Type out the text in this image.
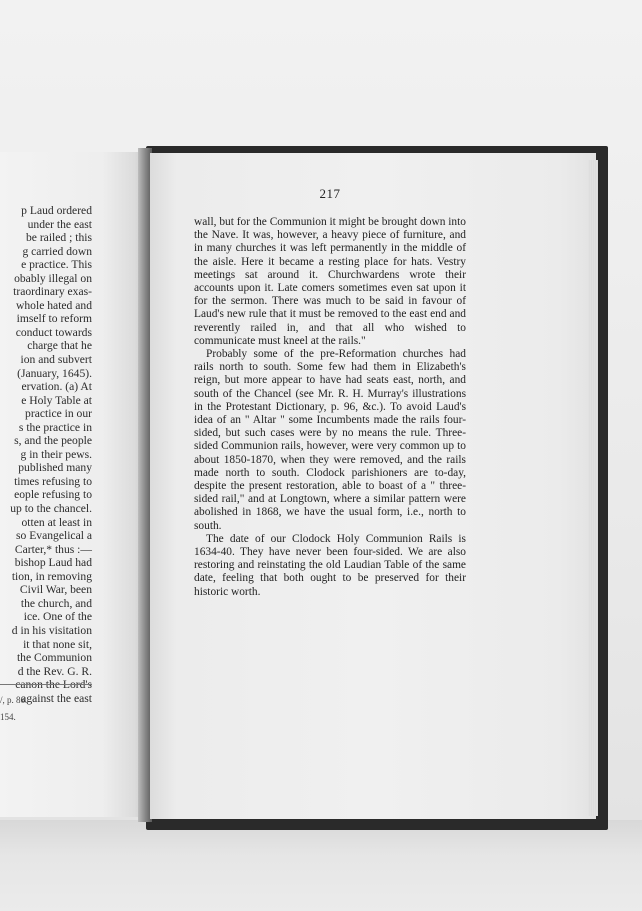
p Laud ordered
under the east
be railed ; this
g carried down
e practice. This
obably illegal on
traordinary exas-
whole hated and
imself to reform
conduct towards
charge that he
ion and subvert
(January, 1645).
ervation. (a) At
e Holy Table at
practice in our
s the practice in
s, and the people
g in their pews.
published many
times refusing to
eople refusing to
up to the chancel.
otten at least in
so Evangelical a
Carter,* thus :—
bishop Laud had
tion, in removing
Civil War, been
the church, and
ice. One of the
d in his visitation
it that none sit,
the Communion
d the Rev. G. R.
against the east
/, p. 86.
154.
217

wall, but for the Communion it might be brought down into the Nave. It was, however, a heavy piece of furniture, and in many churches it was left permanently in the middle of the aisle. Here it became a resting place for hats. Vestry meetings sat around it. Churchwardens wrote their accounts upon it. Late comers sometimes even sat upon it for the sermon. There was much to be said in favour of Laud's new rule that it must be removed to the east end and reverently railed in, and that all who wished to communicate must kneel at the rails."

Probably some of the pre-Reformation churches had rails north to south. Some few had them in Elizabeth's reign, but more appear to have had seats east, north, and south of the Chancel (see Mr. R. H. Murray's illustrations in the Protestant Dictionary, p. 96, &c.). To avoid Laud's idea of an " Altar " some Incumbents made the rails four-sided, but such cases were by no means the rule. Three-sided Communion rails, however, were very common up to about 1850-1870, when they were removed, and the rails made north to south. Clodock parishioners are to-day, despite the present restoration, able to boast of a " three-sided rail," and at Longtown, where a similar pattern were abolished in 1868, we have the usual form, i.e., north to south.

The date of our Clodock Holy Communion Rails is 1634-40. They have never been four-sided. We are also restoring and reinstating the old Laudian Table of the same date, feeling that both ought to be preserved for their historic worth.
